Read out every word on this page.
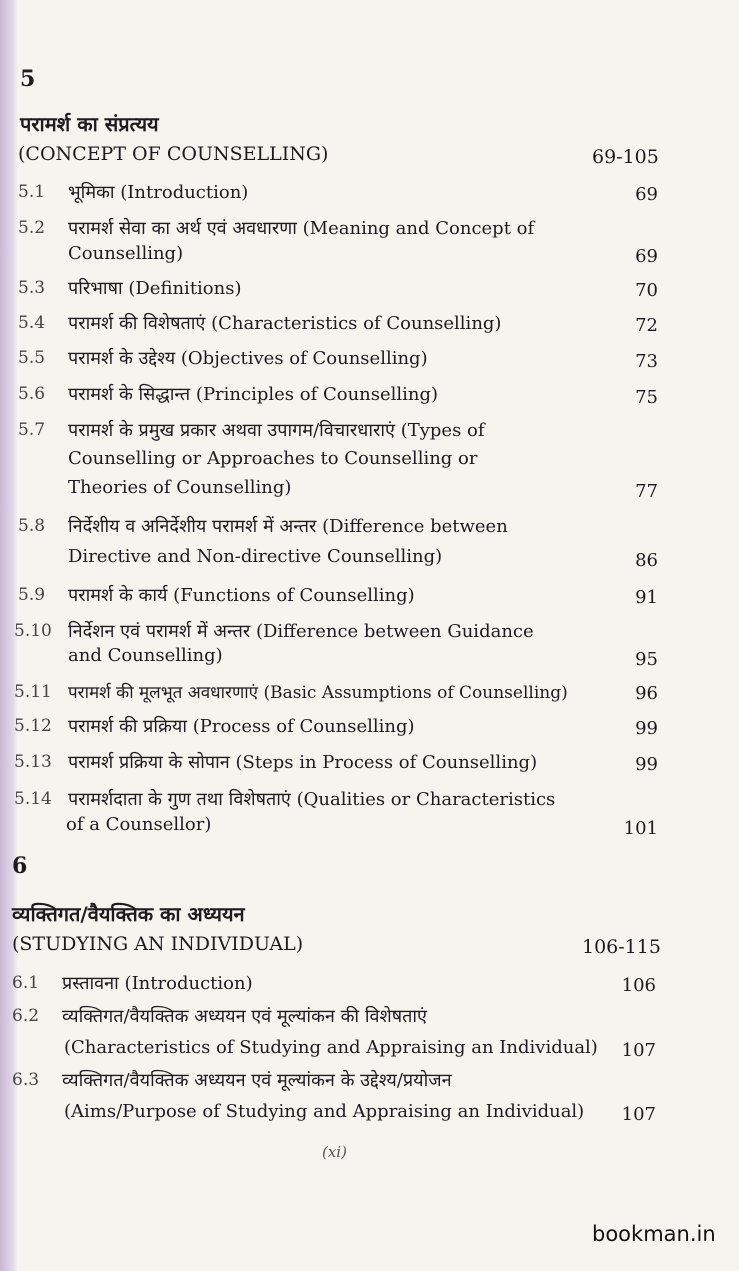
5
परामर्श का संप्रत्यय
(CONCEPT OF COUNSELLING)	69-105
5.1 भूमिका (Introduction)	69
5.2 परामर्श सेवा का अर्थ एवं अवधारणा (Meaning and Concept of
Counselling)	69
5.3 परिभाषा (Definitions)	70
5.4 परामर्श की विशेषताएं (Characteristics of Counselling)	72
5.5 परामर्श के उद्देश्य (Objectives of Counselling)	73
5.6 परामर्श के सिद्धान्त (Principles of Counselling)	75
5.7 परामर्श के प्रमुख प्रकार अथवा उपागम/विचारधाराएं (Types of
Counselling or Approaches to Counselling or
Theories of Counselling)	77
5.8 निर्देशीय व अनिर्देशीय परामर्श में अन्तर (Difference between
Directive and Non-directive Counselling)	86
5.9 परामर्श के कार्य (Functions of Counselling)	91
5.10 निर्देशन एवं परामर्श में अन्तर (Difference between Guidance
and Counselling)	95
5.11 परामर्श की मूलभूत अवधारणाएं (Basic Assumptions of Counselling)	96
5.12 परामर्श की प्रक्रिया (Process of Counselling)	99
5.13 परामर्श प्रक्रिया के सोपान (Steps in Process of Counselling)	99
5.14 परामर्शदाता के गुण तथा विशेषताएं (Qualities or Characteristics
of a Counsellor)	101
6
व्यक्तिगत/वैयक्तिक का अध्ययन
(STUDYING AN INDIVIDUAL)	106-115
6.1 प्रस्तावना (Introduction)	106
6.2 व्यक्तिगत/वैयक्तिक अध्ययन एवं मूल्यांकन की विशेषताएं
(Characteristics of Studying and Appraising an Individual)	107
6.3 व्यक्तिगत/वैयक्तिक अध्ययन एवं मूल्यांकन के उद्देश्य/प्रयोजन
(Aims/Purpose of Studying and Appraising an Individual)	107
(xi)
bookman.in
